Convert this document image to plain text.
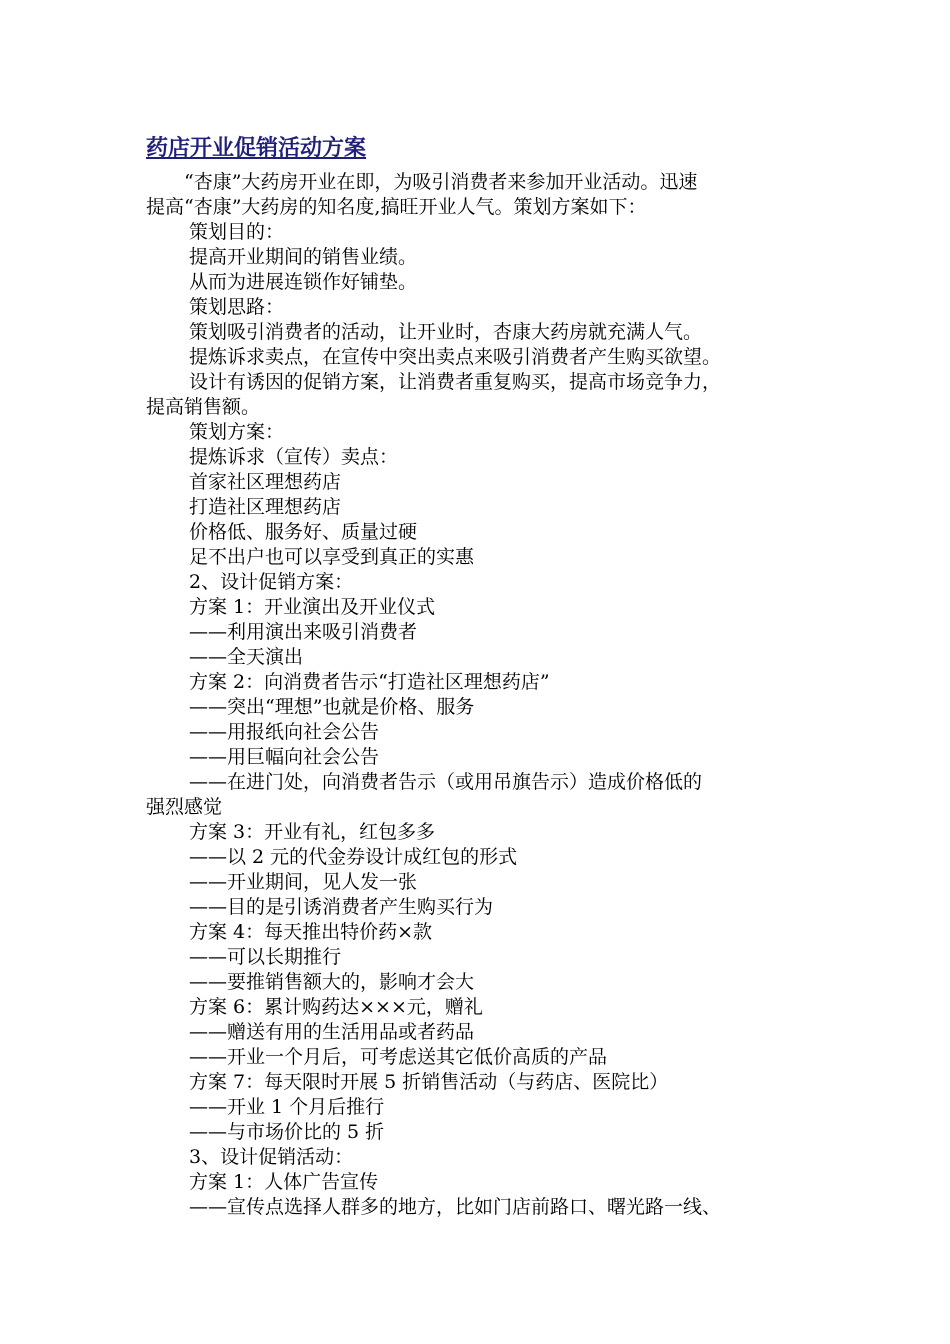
药店开业促销活动方案

“杏康”大药房开业在即，为吸引消费者来参加开业活动。迅速

提高“杏康”大药房的知名度,搞旺开业人气。策划方案如下：

策划目的：

提高开业期间的销售业绩。

从而为进展连锁作好铺垫。

策划思路：

策划吸引消费者的活动，让开业时，杏康大药房就充满人气。

提炼诉求卖点，在宣传中突出卖点来吸引消费者产生购买欲望。

设计有诱因的促销方案，让消费者重复购买，提高市场竞争力，

提高销售额。

策划方案：

提炼诉求（宣传）卖点：

首家社区理想药店

打造社区理想药店

价格低、服务好、质量过硬

足不出户也可以享受到真正的实惠

2、设计促销方案：

方案 1：开业演出及开业仪式

——利用演出来吸引消费者

——全天演出

方案 2：向消费者告示“打造社区理想药店”

——突出“理想”也就是价格、服务

——用报纸向社会公告

——用巨幅向社会公告

——在进门处，向消费者告示（或用吊旗告示）造成价格低的

强烈感觉

方案 3：开业有礼，红包多多

——以 2 元的代金券设计成红包的形式

——开业期间，见人发一张

——目的是引诱消费者产生购买行为

方案 4：每天推出特价药×款

——可以长期推行

——要推销售额大的，影响才会大

方案 6：累计购药达×××元，赠礼

——赠送有用的生活用品或者药品

——开业一个月后，可考虑送其它低价高质的产品

方案 7：每天限时开展 5 折销售活动（与药店、医院比）

——开业 1 个月后推行

——与市场价比的 5 折

3、设计促销活动：

方案 1：人体广告宣传

——宣传点选择人群多的地方，比如门店前路口、曙光路一线、
